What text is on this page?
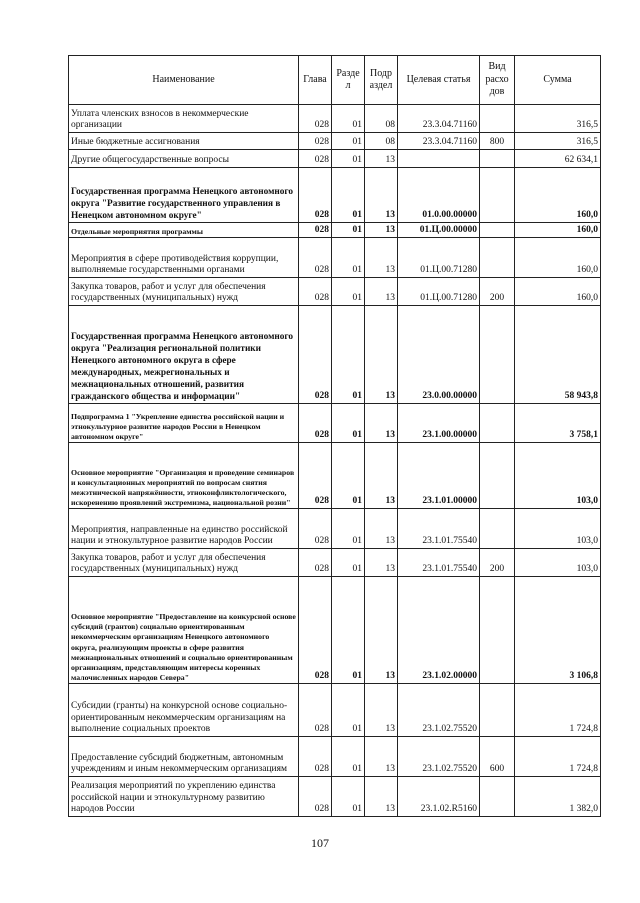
Наименование	Глава	Разде л	Подр аздел	Целевая статья	Вид расхо дов	Сумма
Уплата членских взносов в некоммерческие организации	028	01	08	23.3.04.71160		316,5
Иные бюджетные ассигнования	028	01	08	23.3.04.71160	800	316,5
Другие общегосударственные вопросы	028	01	13			62 634,1
Государственная программа Ненецкого автономного округа "Развитие государственного управления в Ненецком автономном округе"	028	01	13	01.0.00.00000		160,0
Отдельные мероприятия программы	028	01	13	01.Ц.00.00000		160,0
Мероприятия в сфере противодействия коррупции, выполняемые государственными органами	028	01	13	01.Ц.00.71280		160,0
Закупка товаров, работ и услуг для обеспечения государственных (муниципальных) нужд	028	01	13	01.Ц.00.71280	200	160,0
Государственная программа Ненецкого автономного округа "Реализация региональной политики Ненецкого автономного округа в сфере международных, межрегиональных и межнациональных отношений, развития гражданского общества и информации"	028	01	13	23.0.00.00000		58 943,8
Подпрограмма 1 "Укрепление единства российской нации и этнокультурное развитие народов России в Ненецком автономном округе"	028	01	13	23.1.00.00000		3 758,1
Основное мероприятие "Организация и проведение семинаров и консультационных мероприятий по вопросам снятия межэтнической напряжённости, этноконфликтологического, искоренению проявлений экстремизма, национальной розни"	028	01	13	23.1.01.00000		103,0
Мероприятия, направленные на единство российской нации и этнокультурное развитие народов России	028	01	13	23.1.01.75540		103,0
Закупка товаров, работ и услуг для обеспечения государственных (муниципальных) нужд	028	01	13	23.1.01.75540	200	103,0
Основное мероприятие "Предоставление на конкурсной основе субсидий (грантов) социально ориентированным некоммерческим организациям Ненецкого автономного округа, реализующим проекты в сфере развития межнациональных отношений и социально ориентированным организациям, представляющим интересы коренных малочисленных народов Севера"	028	01	13	23.1.02.00000		3 106,8
Субсидии (гранты) на конкурсной основе социально-ориентированным некоммерческим организациям на выполнение социальных проектов	028	01	13	23.1.02.75520		1 724,8
Предоставление субсидий бюджетным, автономным учреждениям и иным некоммерческим организациям	028	01	13	23.1.02.75520	600	1 724,8
Реализация мероприятий по укреплению единства российской нации и этнокультурному развитию народов России	028	01	13	23.1.02.R5160		1 382,0
107
